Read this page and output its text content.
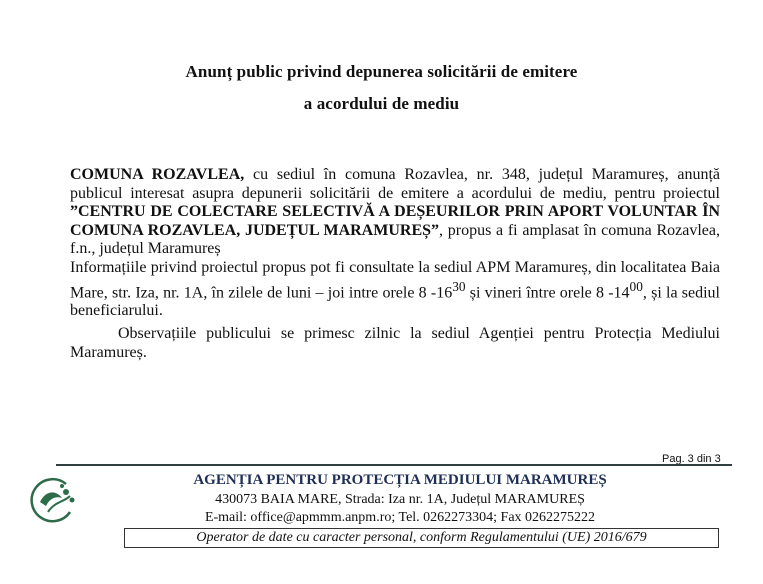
Anunț public privind depunerea solicitării de emitere
a acordului de mediu
COMUNA ROZAVLEA, cu sediul în comuna Rozavlea, nr. 348, județul Maramureș, anunță publicul interesat asupra depunerii solicitării de emitere a acordului de mediu, pentru proiectul ”CENTRU DE COLECTARE SELECTIVĂ A DEȘEURILOR PRIN APORT VOLUNTAR ÎN COMUNA ROZAVLEA, JUDEȚUL MARAMUREȘ”, propus a fi amplasat în comuna Rozavlea, f.n., județul Maramureș
Informațiile privind proiectul propus pot fi consultate la sediul APM Maramureș, din localitatea Baia Mare, str. Iza, nr. 1A, în zilele de luni – joi intre orele 8 $-16^{30}$ și vineri între orele 8 $-14^{00}$, și la sediul beneficiarului.
Observațiile publicului se primesc zilnic la sediul Agenției pentru Protecția Mediului Maramureș.
Pag. 3 din 3
AGENȚIA PENTRU PROTECȚIA MEDIULUI MARAMUREȘ
430073 BAIA MARE, Strada: Iza nr. 1A, Județul MARAMUREȘ
E-mail: office@apmmm.anpm.ro; Tel. 0262273304; Fax 0262275222
Operator de date cu caracter personal, conform Regulamentului (UE) 2016/679
